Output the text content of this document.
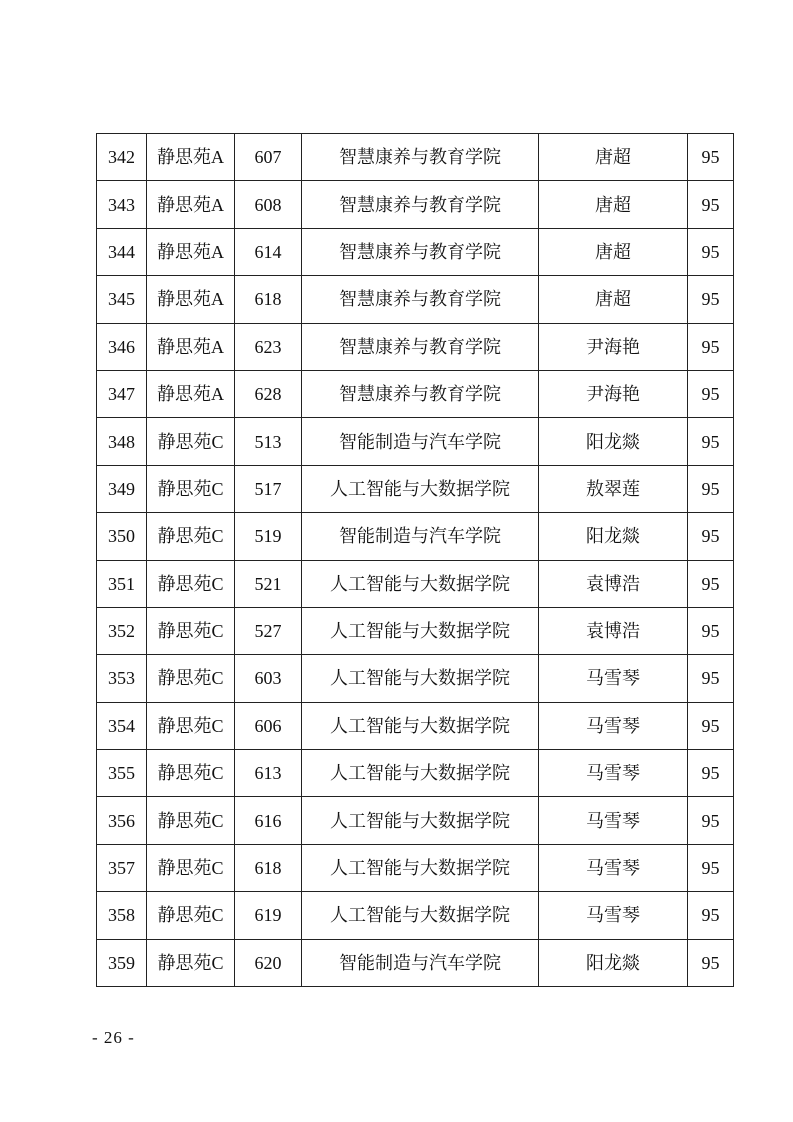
342	静思苑A	607	智慧康养与教育学院	唐超	95
343	静思苑A	608	智慧康养与教育学院	唐超	95
344	静思苑A	614	智慧康养与教育学院	唐超	95
345	静思苑A	618	智慧康养与教育学院	唐超	95
346	静思苑A	623	智慧康养与教育学院	尹海艳	95
347	静思苑A	628	智慧康养与教育学院	尹海艳	95
348	静思苑C	513	智能制造与汽车学院	阳龙燚	95
349	静思苑C	517	人工智能与大数据学院	敖翠莲	95
350	静思苑C	519	智能制造与汽车学院	阳龙燚	95
351	静思苑C	521	人工智能与大数据学院	袁博浩	95
352	静思苑C	527	人工智能与大数据学院	袁博浩	95
353	静思苑C	603	人工智能与大数据学院	马雪琴	95
354	静思苑C	606	人工智能与大数据学院	马雪琴	95
355	静思苑C	613	人工智能与大数据学院	马雪琴	95
356	静思苑C	616	人工智能与大数据学院	马雪琴	95
357	静思苑C	618	人工智能与大数据学院	马雪琴	95
358	静思苑C	619	人工智能与大数据学院	马雪琴	95
359	静思苑C	620	智能制造与汽车学院	阳龙燚	95
- 26 -
